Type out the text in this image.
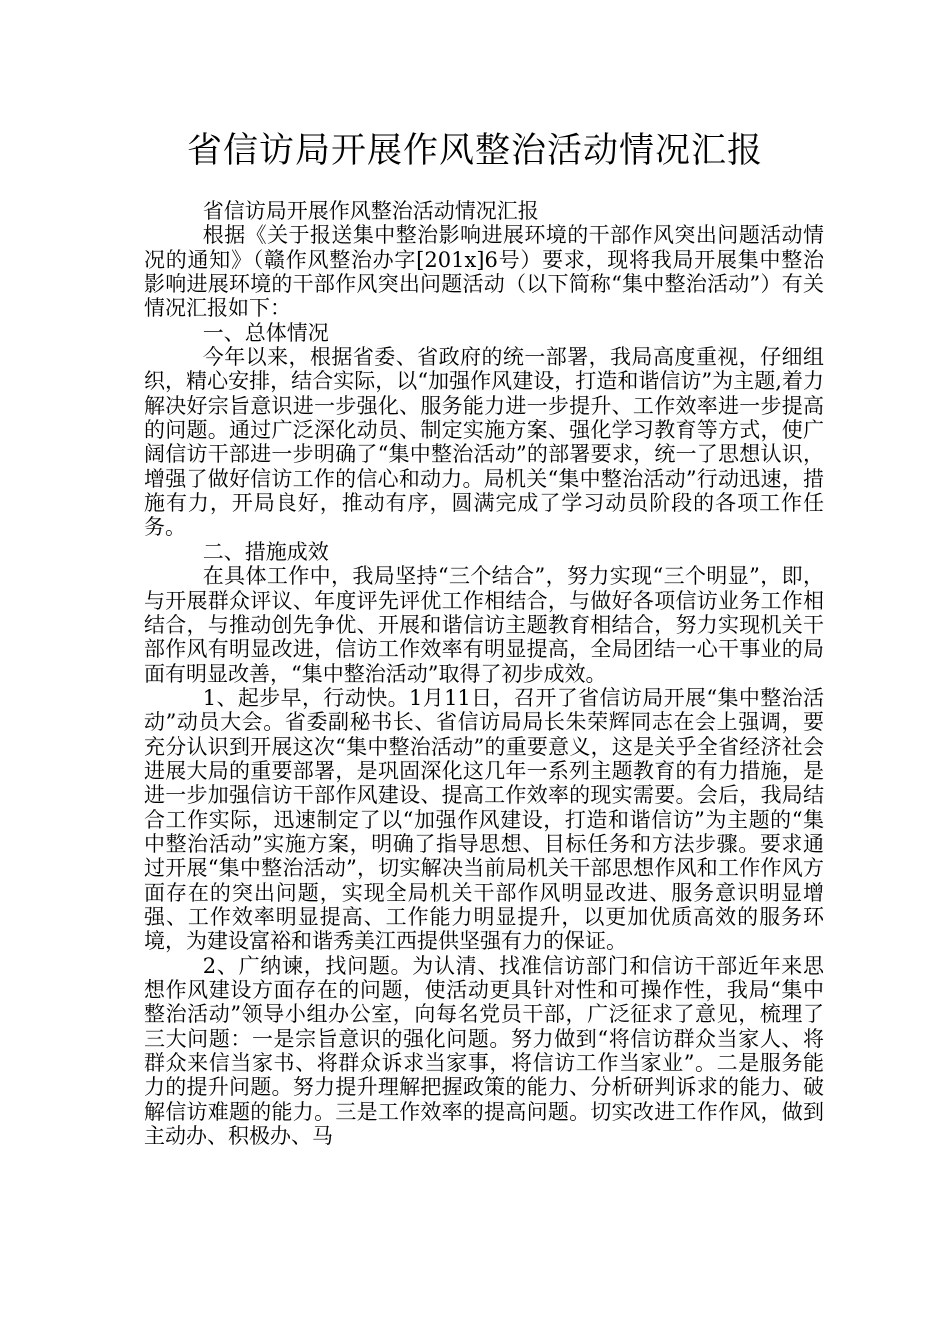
省信访局开展作风整治活动情况汇报

省信访局开展作风整治活动情况汇报

根据《关于报送集中整治影响进展环境的干部作风突出问题活动情况的通知》（赣作风整治办字[201x]6号）要求，现将我局开展集中整治影响进展环境的干部作风突出问题活动（以下简称“集中整治活动”）有关情况汇报如下：

一、总体情况

今年以来，根据省委、省政府的统一部署，我局高度重视，仔细组织，精心安排，结合实际，以“加强作风建设，打造和谐信访”为主题,着力解决好宗旨意识进一步强化、服务能力进一步提升、工作效率进一步提高的问题。通过广泛深化动员、制定实施方案、强化学习教育等方式，使广阔信访干部进一步明确了“集中整治活动”的部署要求，统一了思想认识，增强了做好信访工作的信心和动力。局机关“集中整治活动”行动迅速，措施有力，开局良好，推动有序，圆满完成了学习动员阶段的各项工作任务。

二、措施成效

在具体工作中，我局坚持“三个结合”，努力实现“三个明显”，即，与开展群众评议、年度评先评优工作相结合，与做好各项信访业务工作相结合，与推动创先争优、开展和谐信访主题教育相结合，努力实现机关干部作风有明显改进，信访工作效率有明显提高，全局团结一心干事业的局面有明显改善，“集中整治活动”取得了初步成效。

1、起步早，行动快。1月11日，召开了省信访局开展“集中整治活动”动员大会。省委副秘书长、省信访局局长朱荣辉同志在会上强调，要充分认识到开展这次“集中整治活动”的重要意义，这是关乎全省经济社会进展大局的重要部署，是巩固深化这几年一系列主题教育的有力措施，是进一步加强信访干部作风建设、提高工作效率的现实需要。会后，我局结合工作实际，迅速制定了以“加强作风建设，打造和谐信访”为主题的“集中整治活动”实施方案，明确了指导思想、目标任务和方法步骤。要求通过开展“集中整治活动”，切实解决当前局机关干部思想作风和工作作风方面存在的突出问题，实现全局机关干部作风明显改进、服务意识明显增强、工作效率明显提高、工作能力明显提升，以更加优质高效的服务环境，为建设富裕和谐秀美江西提供坚强有力的保证。

2、广纳谏，找问题。为认清、找准信访部门和信访干部近年来思想作风建设方面存在的问题，使活动更具针对性和可操作性，我局“集中整治活动”领导小组办公室，向每名党员干部，广泛征求了意见，梳理了三大问题：一是宗旨意识的强化问题。努力做到“将信访群众当家人、将群众来信当家书、将群众诉求当家事，将信访工作当家业”。二是服务能力的提升问题。努力提升理解把握政策的能力、分析研判诉求的能力、破解信访难题的能力。三是工作效率的提高问题。切实改进工作作风，做到主动办、积极办、马
